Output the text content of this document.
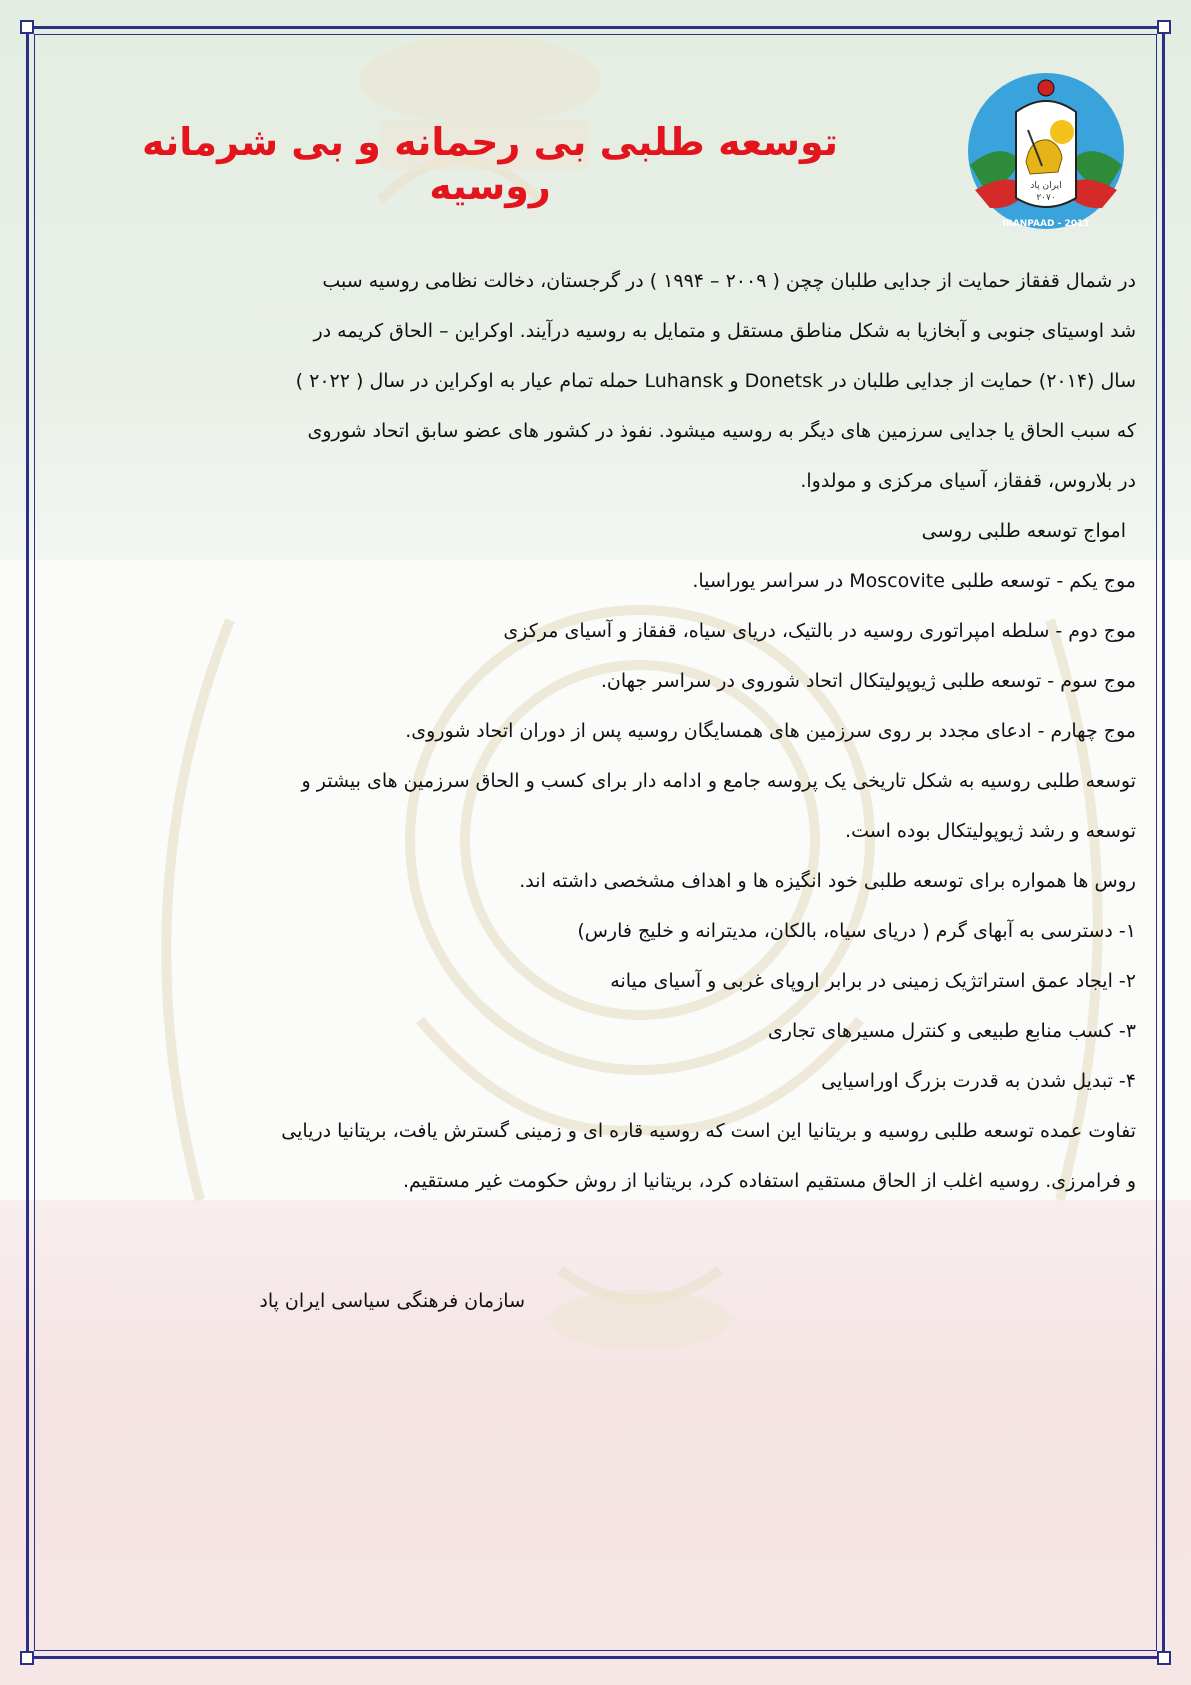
ایران پاد
۲۰۷۰
IRANPAAD - 2011
توسعه طلبی بی رحمانه و بی شرمانه روسیه

در شمال قفقاز حمایت از جدایی طلبان چچن ( ۲۰۰۹ – ۱۹۹۴ ) در گرجستان، دخالت نظامی روسیه سبب

شد اوسیتای جنوبی و آبخازیا به شکل مناطق مستقل و متمایل به روسیه درآیند. اوکراین – الحاق کریمه در

سال (۲۰۱۴) حمایت از جدایی طلبان در Donetsk و Luhansk حمله تمام عیار به اوکراین در سال ( ۲۰۲۲ )

که سبب الحاق یا جدایی سرزمین های دیگر به روسیه میشود. نفوذ در کشور های عضو سابق اتحاد شوروی

در بلاروس، قفقاز، آسیای مرکزی و مولدوا.

امواج توسعه طلبی روسی

موج یکم - توسعه طلبی Moscovite در سراسر یوراسیا.

موج دوم - سلطه امپراتوری روسیه در بالتیک، دریای سیاه، قفقاز و آسیای مرکزی

موج سوم - توسعه طلبی ژیوپولیتکال اتحاد شوروی در سراسر جهان.

موج چهارم - ادعای مجدد بر روی سرزمین های همسایگان روسیه پس از دوران اتحاد شوروی.

توسعه طلبی روسیه به شکل تاریخی یک پروسه جامع و ادامه دار برای کسب و الحاق سرزمین های بیشتر و

توسعه و رشد ژیوپولیتکال بوده است.

روس ها همواره برای توسعه طلبی خود انگیزه ها و اهداف مشخصی داشته اند.

۱- دسترسی به آبهای گرم ( دریای سیاه، بالکان، مدیترانه و خلیج فارس)

۲- ایجاد عمق استراتژیک زمینی در برابر اروپای غربی و آسیای میانه

۳- کسب منابع طبیعی و کنترل مسیرهای تجاری

۴- تبدیل شدن به قدرت بزرگ اوراسیایی

تفاوت عمده توسعه طلبی روسیه و بریتانیا این است که روسیه قاره ای و زمینی گسترش یافت، بریتانیا دریایی

و فرامرزی. روسیه اغلب از الحاق مستقیم استفاده کرد، بریتانیا از روش حکومت غیر مستقیم.

سازمان فرهنگی سیاسی ایران پاد
